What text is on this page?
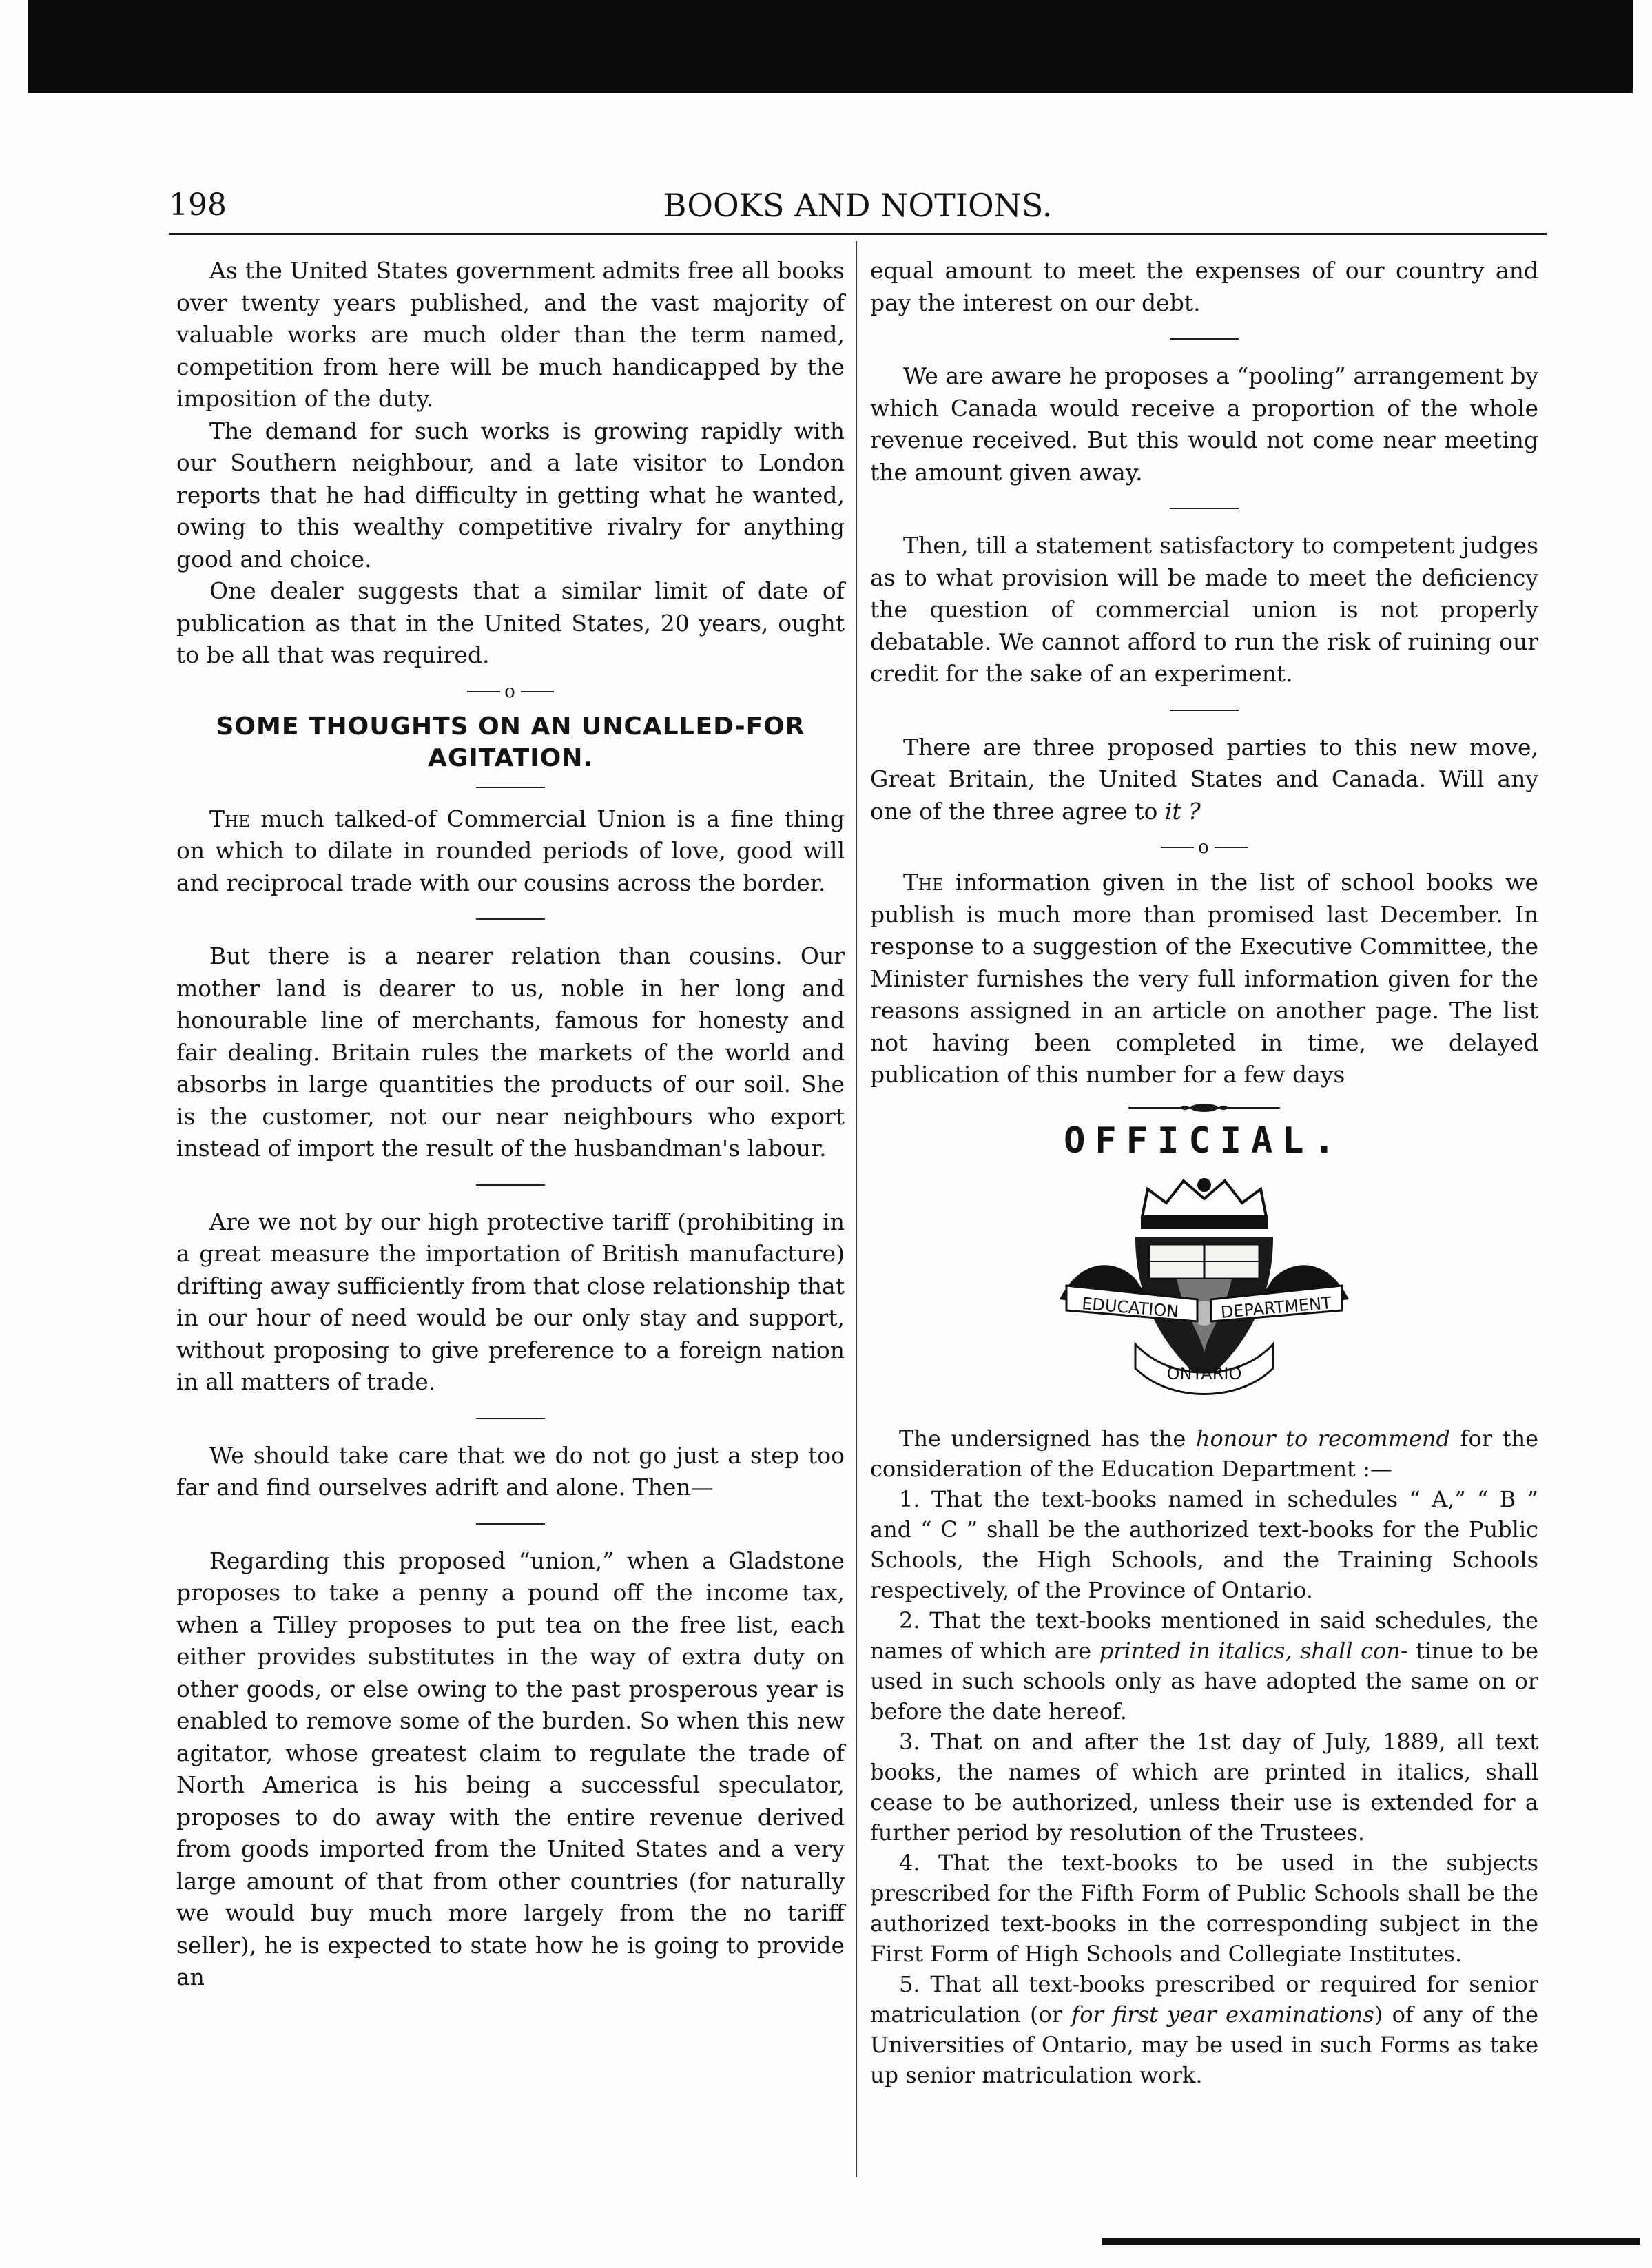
198	BOOKS AND NOTIONS.

As the United States government admits free all books over twenty years published, and the vast majority of valuable works are much older than the term named, competition from here will be much handicapped by the imposition of the duty.

The demand for such works is growing rapidly with our Southern neighbour, and a late visitor to London reports that he had difficulty in getting what he wanted, owing to this wealthy competitive rivalry for anything good and choice.

One dealer suggests that a similar limit of date of publication as that in the United States, 20 years, ought to be all that was required.

o
SOME THOUGHTS ON AN UNCALLED-FOR AGITATION.

The much talked-of Commercial Union is a fine thing on which to dilate in rounded periods of love, good will and reciprocal trade with our cousins across the border.

But there is a nearer relation than cousins. Our mother land is dearer to us, noble in her long and honourable line of merchants, famous for honesty and fair dealing. Britain rules the markets of the world and absorbs in large quantities the products of our soil. She is the customer, not our near neighbours who export instead of import the result of the husbandman's labour.

Are we not by our high protective tariff (prohibiting in a great measure the importation of British manufacture) drifting away sufficiently from that close relationship that in our hour of need would be our only stay and support, without proposing to give preference to a foreign nation in all matters of trade.

We should take care that we do not go just a step too far and find ourselves adrift and alone. Then—

Regarding this proposed “union,” when a Gladstone proposes to take a penny a pound off the income tax, when a Tilley proposes to put tea on the free list, each either provides substitutes in the way of extra duty on other goods, or else owing to the past prosperous year is enabled to remove some of the burden. So when this new agitator, whose greatest claim to regulate the trade of North America is his being a successful speculator, proposes to do away with the entire revenue derived from goods imported from the United States and a very large amount of that from other countries (for naturally we would buy much more largely from the no tariff seller), he is expected to state how he is going to provide an

equal amount to meet the expenses of our country and pay the interest on our debt.

We are aware he proposes a “pooling” arrangement by which Canada would receive a proportion of the whole revenue received. But this would not come near meeting the amount given away.

Then, till a statement satisfactory to competent judges as to what provision will be made to meet the deficiency the question of commercial union is not properly debatable. We cannot afford to run the risk of ruining our credit for the sake of an experiment.

There are three proposed parties to this new move, Great Britain, the United States and Canada. Will any one of the three agree to it ?

o

The information given in the list of school books we publish is much more than promised last December. In response to a suggestion of the Executive Committee, the Minister furnishes the very full information given for the reasons assigned in an article on another page. The list not having been completed in time, we delayed publication of this number for a few days

OFFICIAL.
EDUCATION DEPARTMENT
ONTARIO

The undersigned has the honour to recommend for the consideration of the Education Department :—

1. That the text-books named in schedules “ A,” “ B ” and “ C ” shall be the authorized text-books for the Public Schools, the High Schools, and the Training Schools respectively, of the Province of Ontario.

2. That the text-books mentioned in said schedules, the names of which are printed in italics, shall con- tinue to be used in such schools only as have adopted the same on or before the date hereof.

3. That on and after the 1st day of July, 1889, all text books, the names of which are printed in italics, shall cease to be authorized, unless their use is extended for a further period by resolution of the Trustees.

4. That the text-books to be used in the subjects prescribed for the Fifth Form of Public Schools shall be the authorized text-books in the corresponding subject in the First Form of High Schools and Collegiate Institutes.

5. That all text-books prescribed or required for senior matriculation (or for first year examinations) of any of the Universities of Ontario, may be used in such Forms as take up senior matriculation work.
